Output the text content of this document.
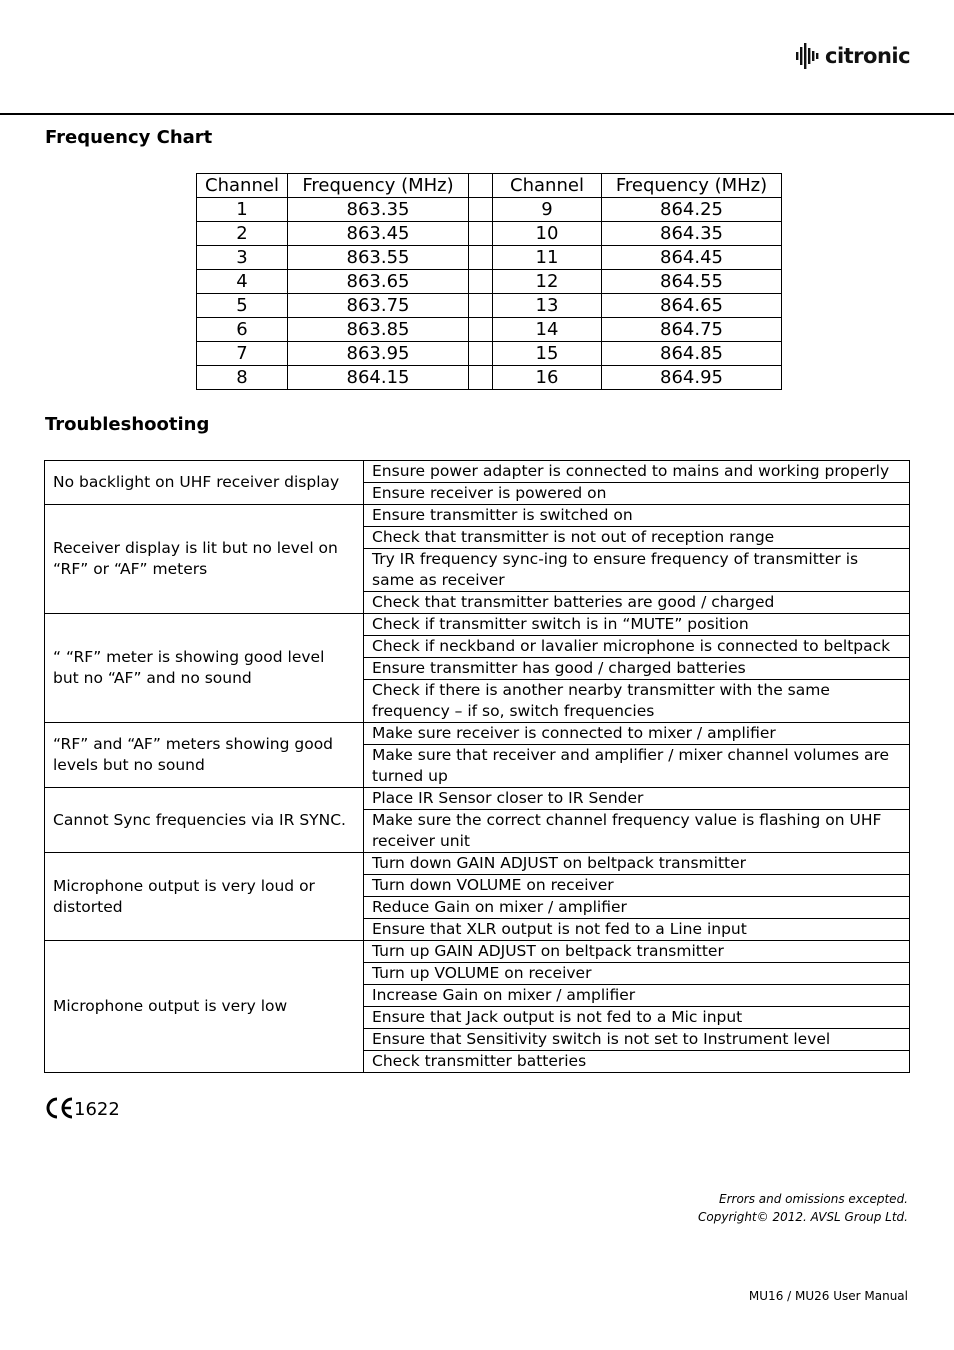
citronic
Frequency Chart
Channel	Frequency (MHz)		Channel	Frequency (MHz)
1	863.35		9	864.25
2	863.45		10	864.35
3	863.55		11	864.45
4	863.65		12	864.55
5	863.75		13	864.65
6	863.85		14	864.75
7	863.95		15	864.85
8	864.15		16	864.95
Troubleshooting
No backlight on UHF receiver display	Ensure power adapter is connected to mains and working properly
	Ensure receiver is powered on
Receiver display is lit but no level on “RF” or “AF” meters	Ensure transmitter is switched on
	Check that transmitter is not out of reception range
	Try IR frequency sync-ing to ensure frequency of transmitter is same as receiver
	Check that transmitter batteries are good / charged
“ “RF” meter is showing good level but no “AF” and no sound	Check if transmitter switch is in “MUTE” position
	Check if neckband or lavalier microphone is connected to beltpack
	Ensure transmitter has good / charged batteries
	Check if there is another nearby transmitter with the same frequency – if so, switch frequencies
“RF” and “AF” meters showing good levels but no sound	Make sure receiver is connected to mixer / amplifier
	Make sure that receiver and amplifier / mixer channel volumes are turned up
Cannot Sync frequencies via IR SYNC.	Place IR Sensor closer to IR Sender
	Make sure the correct channel frequency value is flashing on UHF receiver unit
Microphone output is very loud or distorted	Turn down GAIN ADJUST on beltpack transmitter
	Turn down VOLUME on receiver
	Reduce Gain on mixer / amplifier
	Ensure that XLR output is not fed to a Line input
Microphone output is very low	Turn up GAIN ADJUST on beltpack transmitter
	Turn up VOLUME on receiver
	Increase Gain on mixer / amplifier
	Ensure that Jack output is not fed to a Mic input
	Ensure that Sensitivity switch is not set to Instrument level
	Check transmitter batteries
1622
Errors and omissions excepted.
Copyright© 2012. AVSL Group Ltd.
MU16 / MU26 User Manual
